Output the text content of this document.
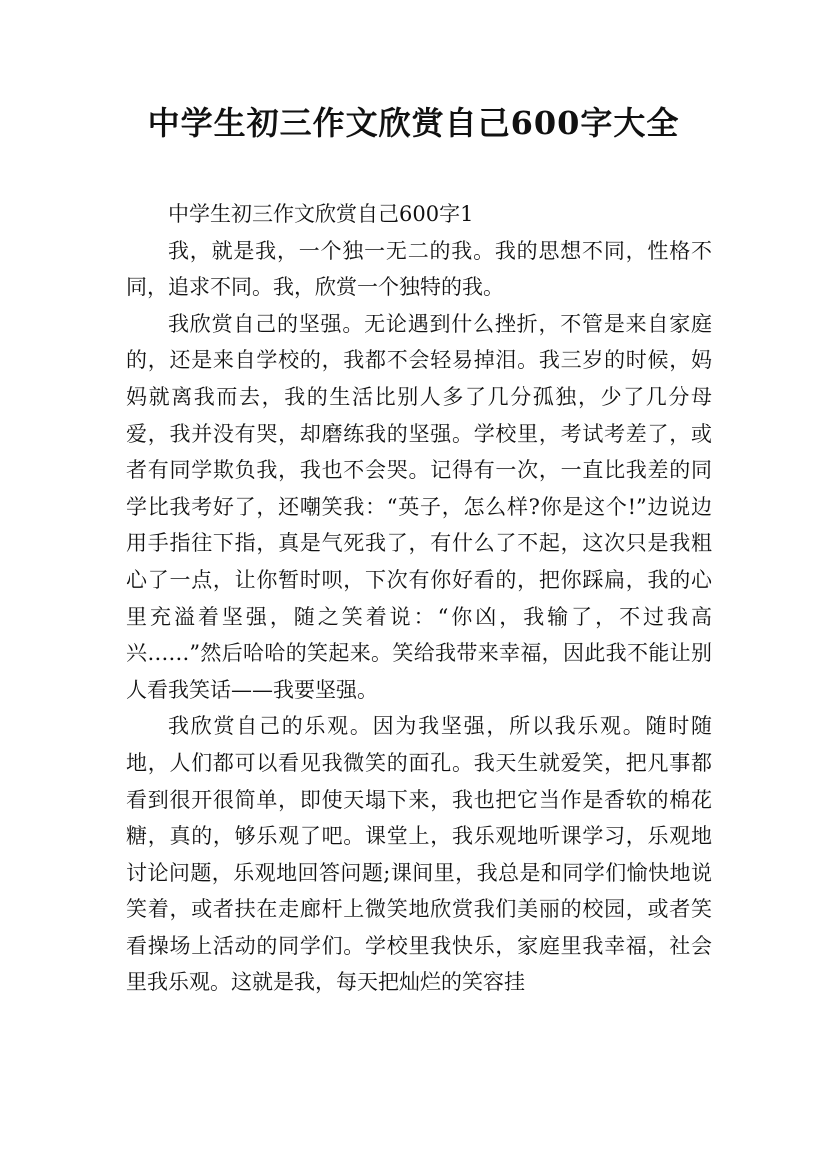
中学生初三作文欣赏自己600字大全

中学生初三作文欣赏自己600字1

我，就是我，一个独一无二的我。我的思想不同，性格不同，追求不同。我，欣赏一个独特的我。

我欣赏自己的坚强。无论遇到什么挫折，不管是来自家庭的，还是来自学校的，我都不会轻易掉泪。我三岁的时候，妈妈就离我而去，我的生活比别人多了几分孤独，少了几分母爱，我并没有哭，却磨练我的坚强。学校里，考试考差了，或者有同学欺负我，我也不会哭。记得有一次，一直比我差的同学比我考好了，还嘲笑我：“英子，怎么样?你是这个!”边说边用手指往下指，真是气死我了，有什么了不起，这次只是我粗心了一点，让你暂时呗，下次有你好看的，把你踩扁，我的心里充溢着坚强，随之笑着说：“你凶，我输了，不过我高兴……”然后哈哈的笑起来。笑给我带来幸福，因此我不能让别人看我笑话——我要坚强。

我欣赏自己的乐观。因为我坚强，所以我乐观。随时随地，人们都可以看见我微笑的面孔。我天生就爱笑，把凡事都看到很开很简单，即使天塌下来，我也把它当作是香软的棉花糖，真的，够乐观了吧。课堂上，我乐观地听课学习，乐观地讨论问题，乐观地回答问题;课间里，我总是和同学们愉快地说笑着，或者扶在走廊杆上微笑地欣赏我们美丽的校园，或者笑看操场上活动的同学们。学校里我快乐，家庭里我幸福，社会里我乐观。这就是我，每天把灿烂的笑容挂
